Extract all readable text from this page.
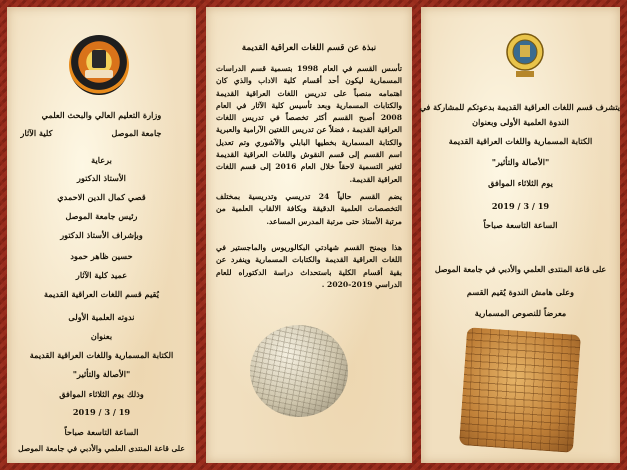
وزارة التعليم العالي والبحث العلمي
جامعة الموصل
كلية الآثار
برعاية
الأستاذ الدكتور
قصي كمال الدين الاحمدي
رئيس جامعة الموصل
وبإشراف الأستاذ الدكتور
حسين ظاهر حمود
عميد كلية الآثار
يُقيم قسم اللغات العراقية القديمة
ندوته العلمية الأولى
بعنوان
الكتابة المسمارية واللغات العراقية القديمة
"الأصالة والتأثير"
وذلك يوم الثلاثاء الموافق
2019 / 3 / 19
الساعة التاسعة صباحاً
على قاعة المنتدى العلمي والأدبي في جامعة الموصل
نبذة عن قسم اللغات العراقية القديمة
تأسس القسم في العام 1998 بتسمية قسم الدراسات المسمارية ليكون أحد أقسام كلية الاداب والذي كان اهتمامه منصباً على تدريس اللغات العراقية القديمة والكتابات المسمارية وبعد تأسيس كلية الآثار في العام 2008 أصبح القسم أكثر تخصصاً في تدريس اللغات العراقية القديمة ، فضلاً عن تدريس اللغتين الآرامية والعبرية والكتابة المسمارية بخطيها البابلي والآشوري وتم تعديل اسم القسم إلى قسم النقوش واللغات العراقية القديمة لتغير التسمية لاحقاً خلال العام 2016 إلى قسم اللغات العراقية القديمة.
يضم القسم حالياً 24 تدريسي وتدريسية بمختلف التخصصات العلمية الدقيقة وبكافة الالقاب العلمية من مرتبة الأستاذ حتى مرتبة المدرس المساعد.
هذا ويمنح القسم شهادتي البكالوريوس والماجستير في اللغات العراقية القديمة والكتابات المسمارية وينفرد عن بقية أقسام الكلية باستحداث دراسة الدكتوراه للعام الدراسي 2019-2020 .
يتشرف قسم اللغات العراقية القديمة بدعوتكم للمشاركة في
الندوة العلمية الأولى وبعنوان
الكتابة المسمارية واللغات العراقية القديمة
"الأصالة والتأثير"
يوم الثلاثاء الموافق
2019 / 3 / 19
الساعة التاسعة صباحاً
على قاعة المنتدى العلمي والأدبي في جامعة الموصل
وعلى هامش الندوة يُقيم القسم
معرضاً للنصوص المسمارية
